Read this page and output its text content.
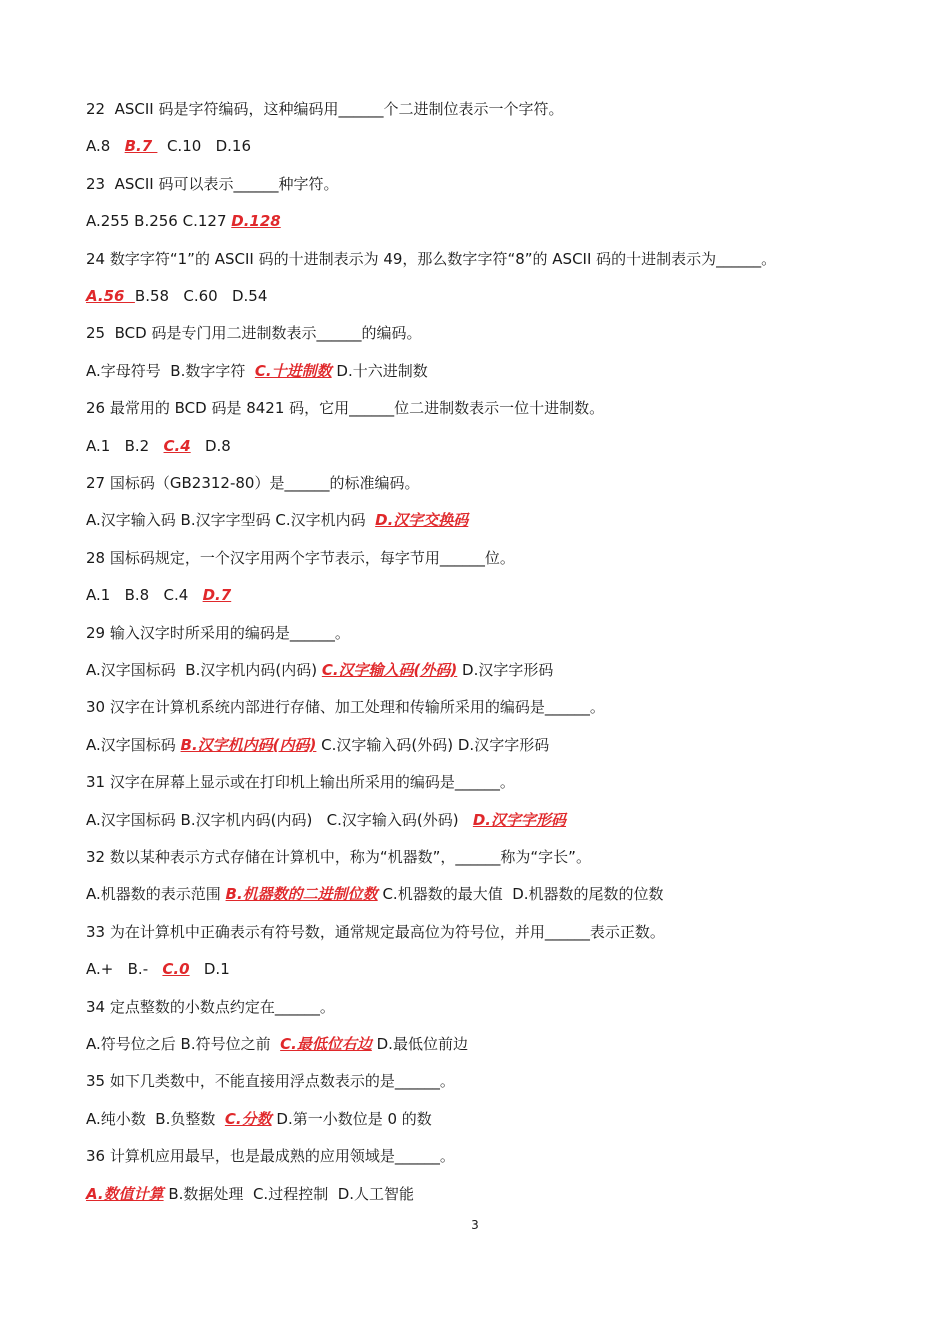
22  ASCII 码是字符编码，这种编码用______个二进制位表示一个字符。
A.8   B.7   C.10   D.16
23  ASCII 码可以表示______种字符。
A.255 B.256 C.127 D.128
24 数字字符“1”的 ASCII 码的十进制表示为 49，那么数字字符“8”的 ASCII 码的十进制表示为______。
A.56  B.58   C.60   D.54
25  BCD 码是专门用二进制数表示______的编码。
A.字母符号  B.数字字符  C.十进制数 D.十六进制数
26 最常用的 BCD 码是 8421 码，它用______位二进制数表示一位十进制数。
A.1   B.2   C.4   D.8
27 国标码（GB2312-80）是______的标准编码。
A.汉字输入码 B.汉字字型码 C.汉字机内码  D.汉字交换码
28 国标码规定，一个汉字用两个字节表示，每字节用______位。
A.1   B.8   C.4   D.7
29 输入汉字时所采用的编码是______。
A.汉字国标码  B.汉字机内码(内码) C.汉字输入码(外码) D.汉字字形码
30 汉字在计算机系统内部进行存储、加工处理和传输所采用的编码是______。
A.汉字国标码 B.汉字机内码(内码) C.汉字输入码(外码) D.汉字字形码
31 汉字在屏幕上显示或在打印机上输出所采用的编码是______。
A.汉字国标码 B.汉字机内码(内码)   C.汉字输入码(外码)   D.汉字字形码
32 数以某种表示方式存储在计算机中，称为“机器数”，______称为“字长”。
A.机器数的表示范围 B.机器数的二进制位数 C.机器数的最大值  D.机器数的尾数的位数
33 为在计算机中正确表示有符号数，通常规定最高位为符号位，并用______表示正数。
A.+   B.-   C.0   D.1
34 定点整数的小数点约定在______。
A.符号位之后 B.符号位之前  C.最低位右边 D.最低位前边
35 如下几类数中，不能直接用浮点数表示的是______。
A.纯小数  B.负整数  C.分数 D.第一小数位是 0 的数
36 计算机应用最早，也是最成熟的应用领域是______。
A.数值计算 B.数据处理  C.过程控制  D.人工智能
3
